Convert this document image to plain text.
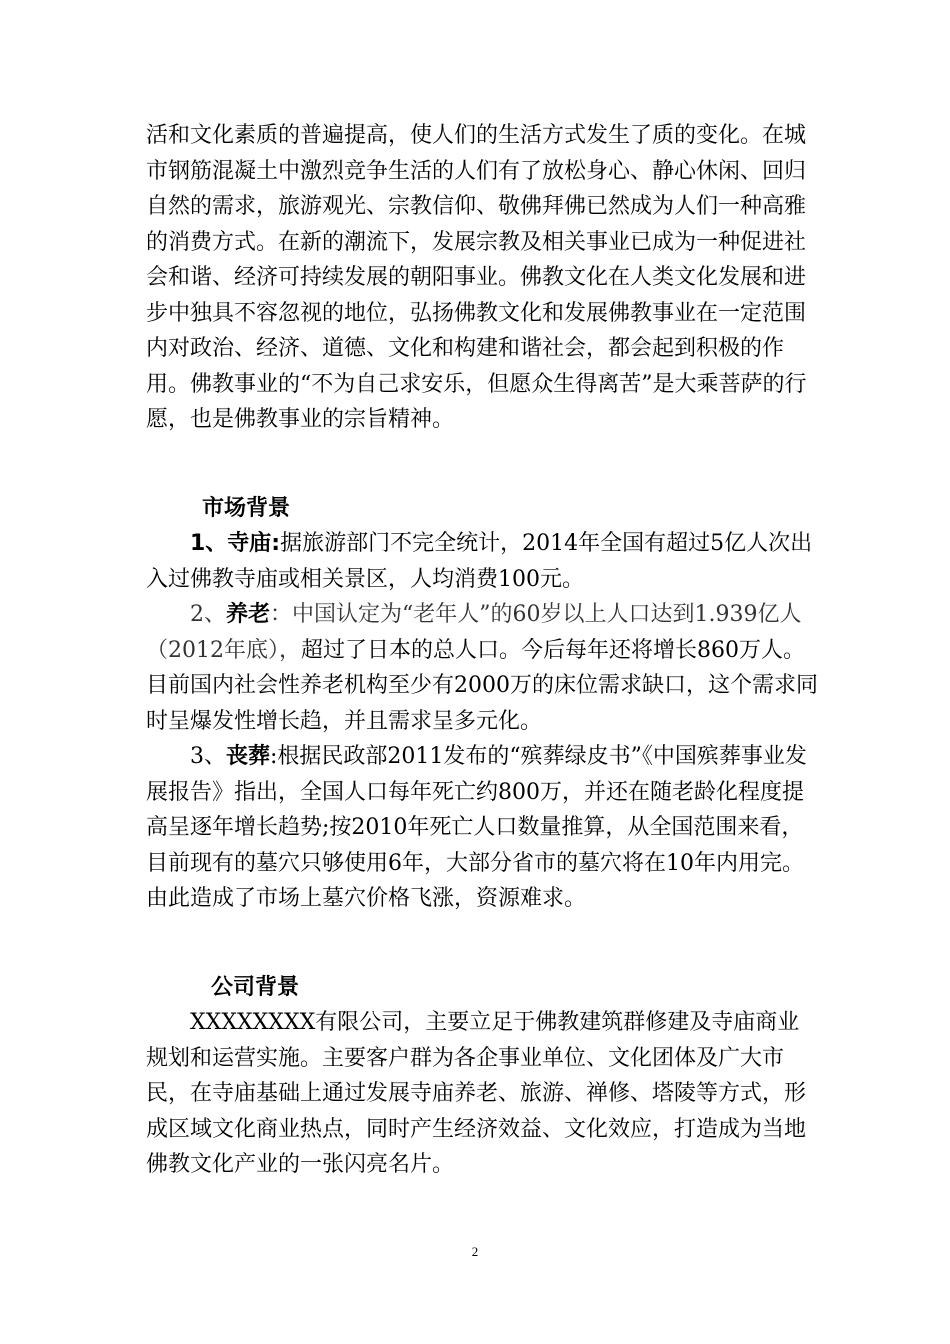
活和文化素质的普遍提高，使人们的生活方式发生了质的变化。在城市钢筋混凝土中激烈竞争生活的人们有了放松身心、静心休闲、回归自然的需求，旅游观光、宗教信仰、敬佛拜佛已然成为人们一种高雅的消费方式。在新的潮流下，发展宗教及相关事业已成为一种促进社会和谐、经济可持续发展的朝阳事业。佛教文化在人类文化发展和进步中独具不容忽视的地位，弘扬佛教文化和发展佛教事业在一定范围内对政治、经济、道德、文化和构建和谐社会，都会起到积极的作用。佛教事业的“不为自己求安乐，但愿众生得离苦”是大乘菩萨的行愿，也是佛教事业的宗旨精神。

市场背景

1、寺庙:据旅游部门不完全统计，2014年全国有超过5亿人次出入过佛教寺庙或相关景区，人均消费100元。

2、养老：中国认定为“老年人”的60岁以上人口达到1.939亿人（2012年底），超过了日本的总人口。今后每年还将增长860万人。目前国内社会性养老机构至少有2000万的床位需求缺口，这个需求同时呈爆发性增长趋，并且需求呈多元化。

3、丧葬:根据民政部2011发布的“殡葬绿皮书”《中国殡葬事业发展报告》指出，全国人口每年死亡约800万，并还在随老龄化程度提高呈逐年增长趋势;按2010年死亡人口数量推算，从全国范围来看，目前现有的墓穴只够使用6年，大部分省市的墓穴将在10年内用完。由此造成了市场上墓穴价格飞涨，资源难求。

公司背景

XXXXXXXX有限公司，主要立足于佛教建筑群修建及寺庙商业规划和运营实施。主要客户群为各企事业单位、文化团体及广大市民，在寺庙基础上通过发展寺庙养老、旅游、禅修、塔陵等方式，形成区域文化商业热点，同时产生经济效益、文化效应，打造成为当地佛教文化产业的一张闪亮名片。

2
